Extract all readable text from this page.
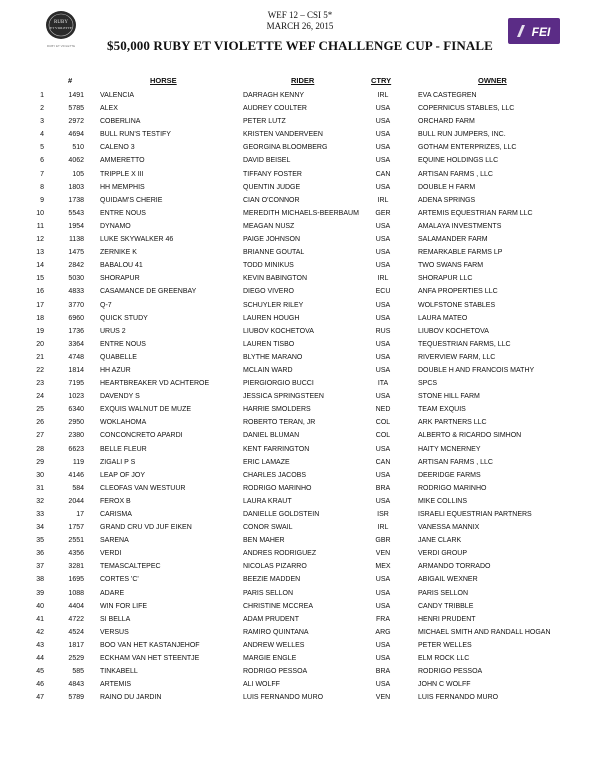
RUBY
ET VIOLETTE
RUBY ET VIOLETTE
WEF 12 – CSI 5*
MARCH 26, 2015
$50,000 RUBY ET VIOLETTE WEF CHALLENGE CUP - FINALE
FEI
#	HORSE	RIDER	CTRY	OWNER
1	1491 VALENCIA	DARRAGH KENNY	IRL	EVA CASTEGREN
2	5785 ALEX	AUDREY COULTER	USA	COPERNICUS STABLES, LLC
3	2972 COBERLINA	PETER LUTZ	USA	ORCHARD FARM
4	4694 BULL RUN'S TESTIFY	KRISTEN VANDERVEEN	USA	BULL RUN JUMPERS, INC.
5	510 CALENO 3	GEORGINA BLOOMBERG	USA	GOTHAM ENTERPRIZES, LLC
6	4062 AMMERETTO	DAVID BEISEL	USA	EQUINE HOLDINGS LLC
7	105 TRIPPLE X III	TIFFANY FOSTER	CAN	ARTISAN FARMS , LLC
8	1803 HH MEMPHIS	QUENTIN JUDGE	USA	DOUBLE H FARM
9	1738 QUIDAM'S CHERIE	CIAN O'CONNOR	IRL	ADENA SPRINGS
10	5543 ENTRE NOUS	MEREDITH MICHAELS-BEERBAUM	GER	ARTEMIS EQUESTRIAN FARM LLC
11	1954 DYNAMO	MEAGAN NUSZ	USA	AMALAYA INVESTMENTS
12	1138 LUKE SKYWALKER 46	PAIGE JOHNSON	USA	SALAMANDER FARM
13	1475 ZERNIKE K	BRIANNE GOUTAL	USA	REMARKABLE FARMS LP
14	2842 BABALOU 41	TODD MINIKUS	USA	TWO SWANS FARM
15	5030 SHORAPUR	KEVIN BABINGTON	IRL	SHORAPUR LLC
16	4833 CASAMANCE DE GREENBAY	DIEGO VIVERO	ECU	ANFA PROPERTIES LLC
17	3770 Q-7	SCHUYLER RILEY	USA	WOLFSTONE STABLES
18	6960 QUICK STUDY	LAUREN HOUGH	USA	LAURA MATEO
19	1736 URUS 2	LIUBOV KOCHETOVA	RUS	LIUBOV KOCHETOVA
20	3364 ENTRE NOUS	LAUREN TISBO	USA	TEQUESTRIAN FARMS, LLC
21	4748 QUABELLE	BLYTHE MARANO	USA	RIVERVIEW FARM, LLC
22	1814 HH AZUR	MCLAIN WARD	USA	DOUBLE H AND FRANCOIS MATHY
23	7195 HEARTBREAKER VD ACHTEROE	PIERGIORGIO BUCCI	ITA	SPCS
24	1023 DAVENDY S	JESSICA SPRINGSTEEN	USA	STONE HILL FARM
25	6340 EXQUIS WALNUT DE MUZE	HARRIE SMOLDERS	NED	TEAM EXQUIS
26	2950 WOKLAHOMA	ROBERTO TERAN, JR	COL	ARK PARTNERS LLC
27	2380 CONCONCRETO APARDI	DANIEL BLUMAN	COL	ALBERTO & RICARDO SIMHON
28	6623 BELLE FLEUR	KENT FARRINGTON	USA	HAITY MCNERNEY
29	119 ZIGALI P S	ERIC LAMAZE	CAN	ARTISAN FARMS , LLC
30	4146 LEAP OF JOY	CHARLES JACOBS	USA	DEERIDGE FARMS
31	584 CLEOFAS VAN WESTUUR	RODRIGO MARINHO	BRA	RODRIGO MARINHO
32	2044 FEROX B	LAURA KRAUT	USA	MIKE COLLINS
33	17 CARISMA	DANIELLE GOLDSTEIN	ISR	ISRAELI EQUESTRIAN PARTNERS
34	1757 GRAND CRU VD JUF EIKEN	CONOR SWAIL	IRL	VANESSA MANNIX
35	2551 SARENA	BEN MAHER	GBR	JANE CLARK
36	4356 VERDI	ANDRES RODRIGUEZ	VEN	VERDI GROUP
37	3281 TEMASCALTEPEC	NICOLAS PIZARRO	MEX	ARMANDO TORRADO
38	1695 CORTES 'C'	BEEZIE MADDEN	USA	ABIGAIL WEXNER
39	1088 ADARE	PARIS SELLON	USA	PARIS SELLON
40	4404 WIN FOR LIFE	CHRISTINE MCCREA	USA	CANDY TRIBBLE
41	4722 SI BELLA	ADAM PRUDENT	FRA	HENRI PRUDENT
42	4524 VERSUS	RAMIRO QUINTANA	ARG	MICHAEL SMITH AND RANDALL HOGAN
43	1817 BOO VAN HET KASTANJEHOF	ANDREW WELLES	USA	PETER WELLES
44	2529 ECKHAM VAN HET STEENTJE	MARGIE ENGLE	USA	ELM ROCK LLC
45	585 TINKABELL	RODRIGO PESSOA	BRA	RODRIGO PESSOA
46	4843 ARTEMIS	ALI WOLFF	USA	JOHN C WOLFF
47	5789 RAINO DU JARDIN	LUIS FERNANDO MURO	VEN	LUIS FERNANDO MURO
